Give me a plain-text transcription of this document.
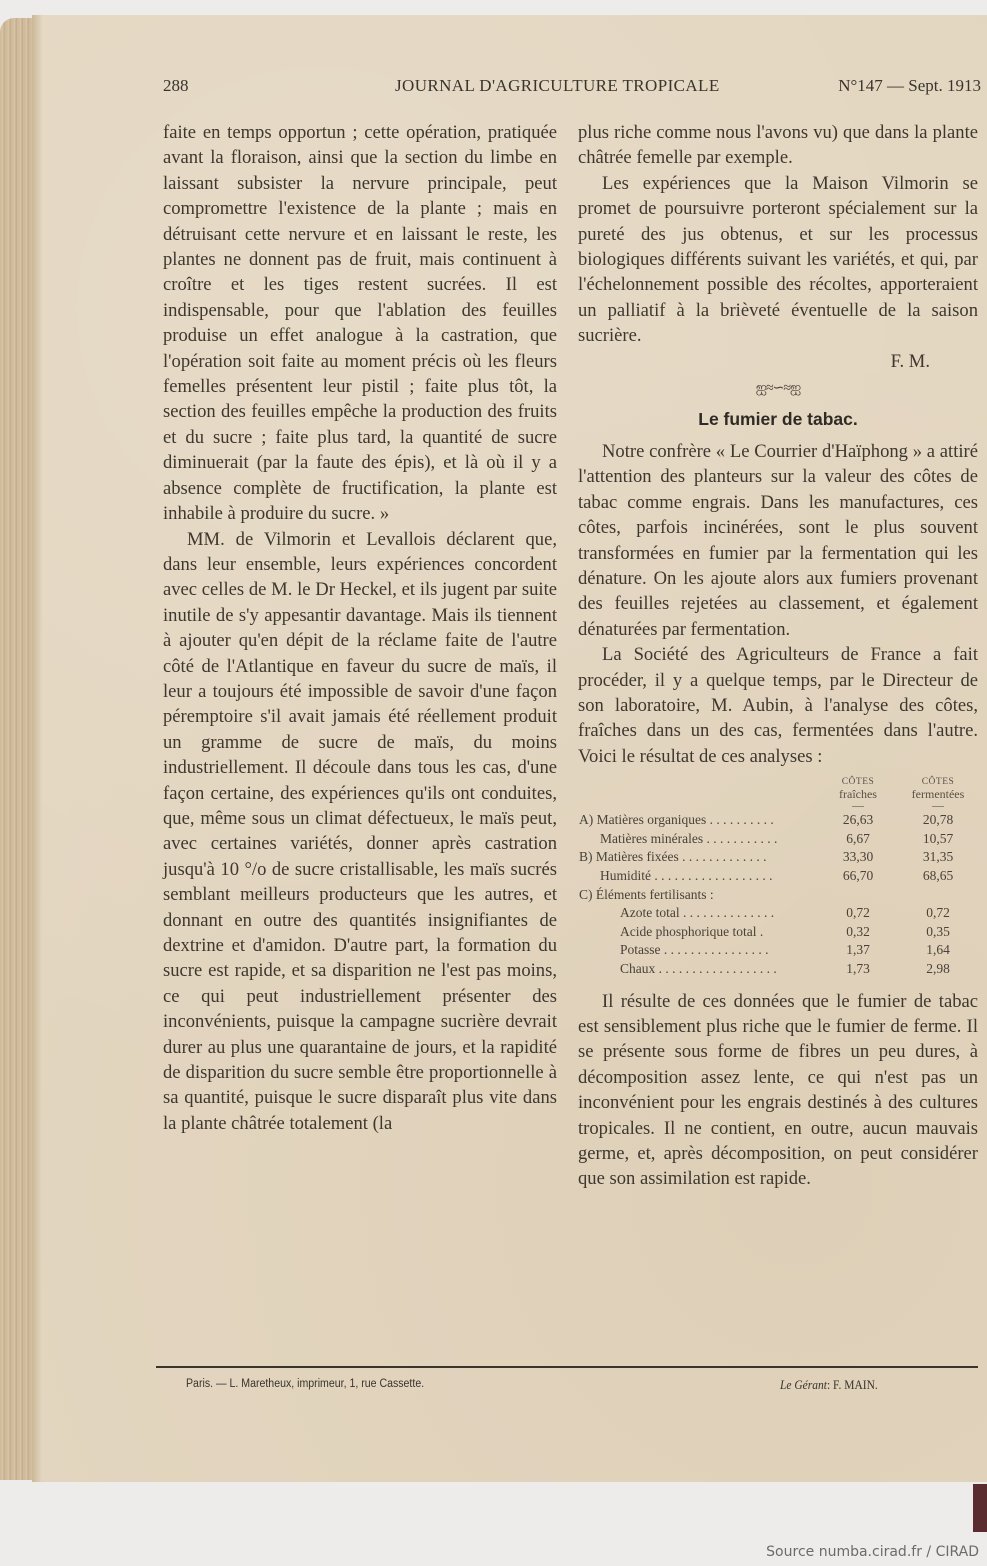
288	JOURNAL D'AGRICULTURE TROPICALE	N°147 — Sept. 1913

faite en temps opportun ; cette opération, pratiquée avant la floraison, ainsi que la section du limbe en laissant subsister la nervure principale, peut compromettre l'existence de la plante ; mais en détruisant cette nervure et en laissant le reste, les plantes ne donnent pas de fruit, mais continuent à croître et les tiges restent sucrées. Il est indispensable, pour que l'ablation des feuilles produise un effet analogue à la castration, que l'opération soit faite au moment précis où les fleurs femelles présentent leur pistil ; faite plus tôt, la section des feuilles empêche la production des fruits et du sucre ; faite plus tard, la quantité de sucre diminuerait (par la faute des épis), et là où il y a absence complète de fructification, la plante est inhabile à produire du sucre. »

MM. de Vilmorin et Levallois déclarent que, dans leur ensemble, leurs expériences concordent avec celles de M. le Dr Heckel, et ils jugent par suite inutile de s'y appesantir davantage. Mais ils tiennent à ajouter qu'en dépit de la réclame faite de l'autre côté de l'Atlantique en faveur du sucre de maïs, il leur a toujours été impossible de savoir d'une façon péremptoire s'il avait jamais été réellement produit un gramme de sucre de maïs, du moins industriellement. Il découle dans tous les cas, d'une façon certaine, des expériences qu'ils ont conduites, que, même sous un climat défectueux, le maïs peut, avec certaines variétés, donner après castration jusqu'à 10 °/o de sucre cristallisable, les maïs sucrés semblant meilleurs producteurs que les autres, et donnant en outre des quantités insignifiantes de dextrine et d'amidon. D'autre part, la formation du sucre est rapide, et sa disparition ne l'est pas moins, ce qui peut industriellement présenter des inconvénients, puisque la campagne sucrière devrait durer au plus une quarantaine de jours, et la rapidité de disparition du sucre semble être proportionnelle à sa quantité, puisque le sucre disparaît plus vite dans la plante châtrée totalement (la

plus riche comme nous l'avons vu) que dans la plante châtrée femelle par exemple.

Les expériences que la Maison Vilmorin se promet de poursuivre porteront spécialement sur la pureté des jus obtenus, et sur les processus biologiques différents suivant les variétés, et qui, par l'échelonnement possible des récoltes, apporteraient un palliatif à la brièveté éventuelle de la saison sucrière.

F. M.

ஐ≈∽≈ஐ
Le fumier de tabac.

Notre confrère « Le Courrier d'Haïphong » a attiré l'attention des planteurs sur la valeur des côtes de tabac comme engrais. Dans les manufactures, ces côtes, parfois incinérées, sont le plus souvent transformées en fumier par la fermentation qui les dénature. On les ajoute alors aux fumiers provenant des feuilles rejetées au classement, et également dénaturées par fermentation.

La Société des Agriculteurs de France a fait procéder, il y a quelque temps, par le Directeur de son laboratoire, M. Aubin, à l'analyse des côtes, fraîches dans un des cas, fermentées dans l'autre. Voici le résultat de ces analyses :

	CÔTES
fraîches
—	CÔTES
fermentées
—

A) Matières organiques . . . . . . . . . .	26,63	20,78
Matières minérales . . . . . . . . . . .	6,67	10,57
B) Matières fixées . . . . . . . . . . . . .	33,30	31,35
Humidité . . . . . . . . . . . . . . . . . .	66,70	68,65
C) Éléments fertilisants :		
Azote total . . . . . . . . . . . . . .	0,72	0,72
Acide phosphorique total .	0,32	0,35
Potasse . . . . . . . . . . . . . . . .	1,37	1,64
Chaux . . . . . . . . . . . . . . . . . .	1,73	2,98

Il résulte de ces données que le fumier de tabac est sensiblement plus riche que le fumier de ferme. Il se présente sous forme de fibres un peu dures, à décomposition assez lente, ce qui n'est pas un inconvénient pour les engrais destinés à des cultures tropicales. Il ne contient, en outre, aucun mauvais germe, et, après décomposition, on peut considérer que son assimilation est rapide.

Paris. — L. Maretheux, imprimeur, 1, rue Cassette.	Le Gérant: F. MAIN.
Source numba.cirad.fr / CIRAD
